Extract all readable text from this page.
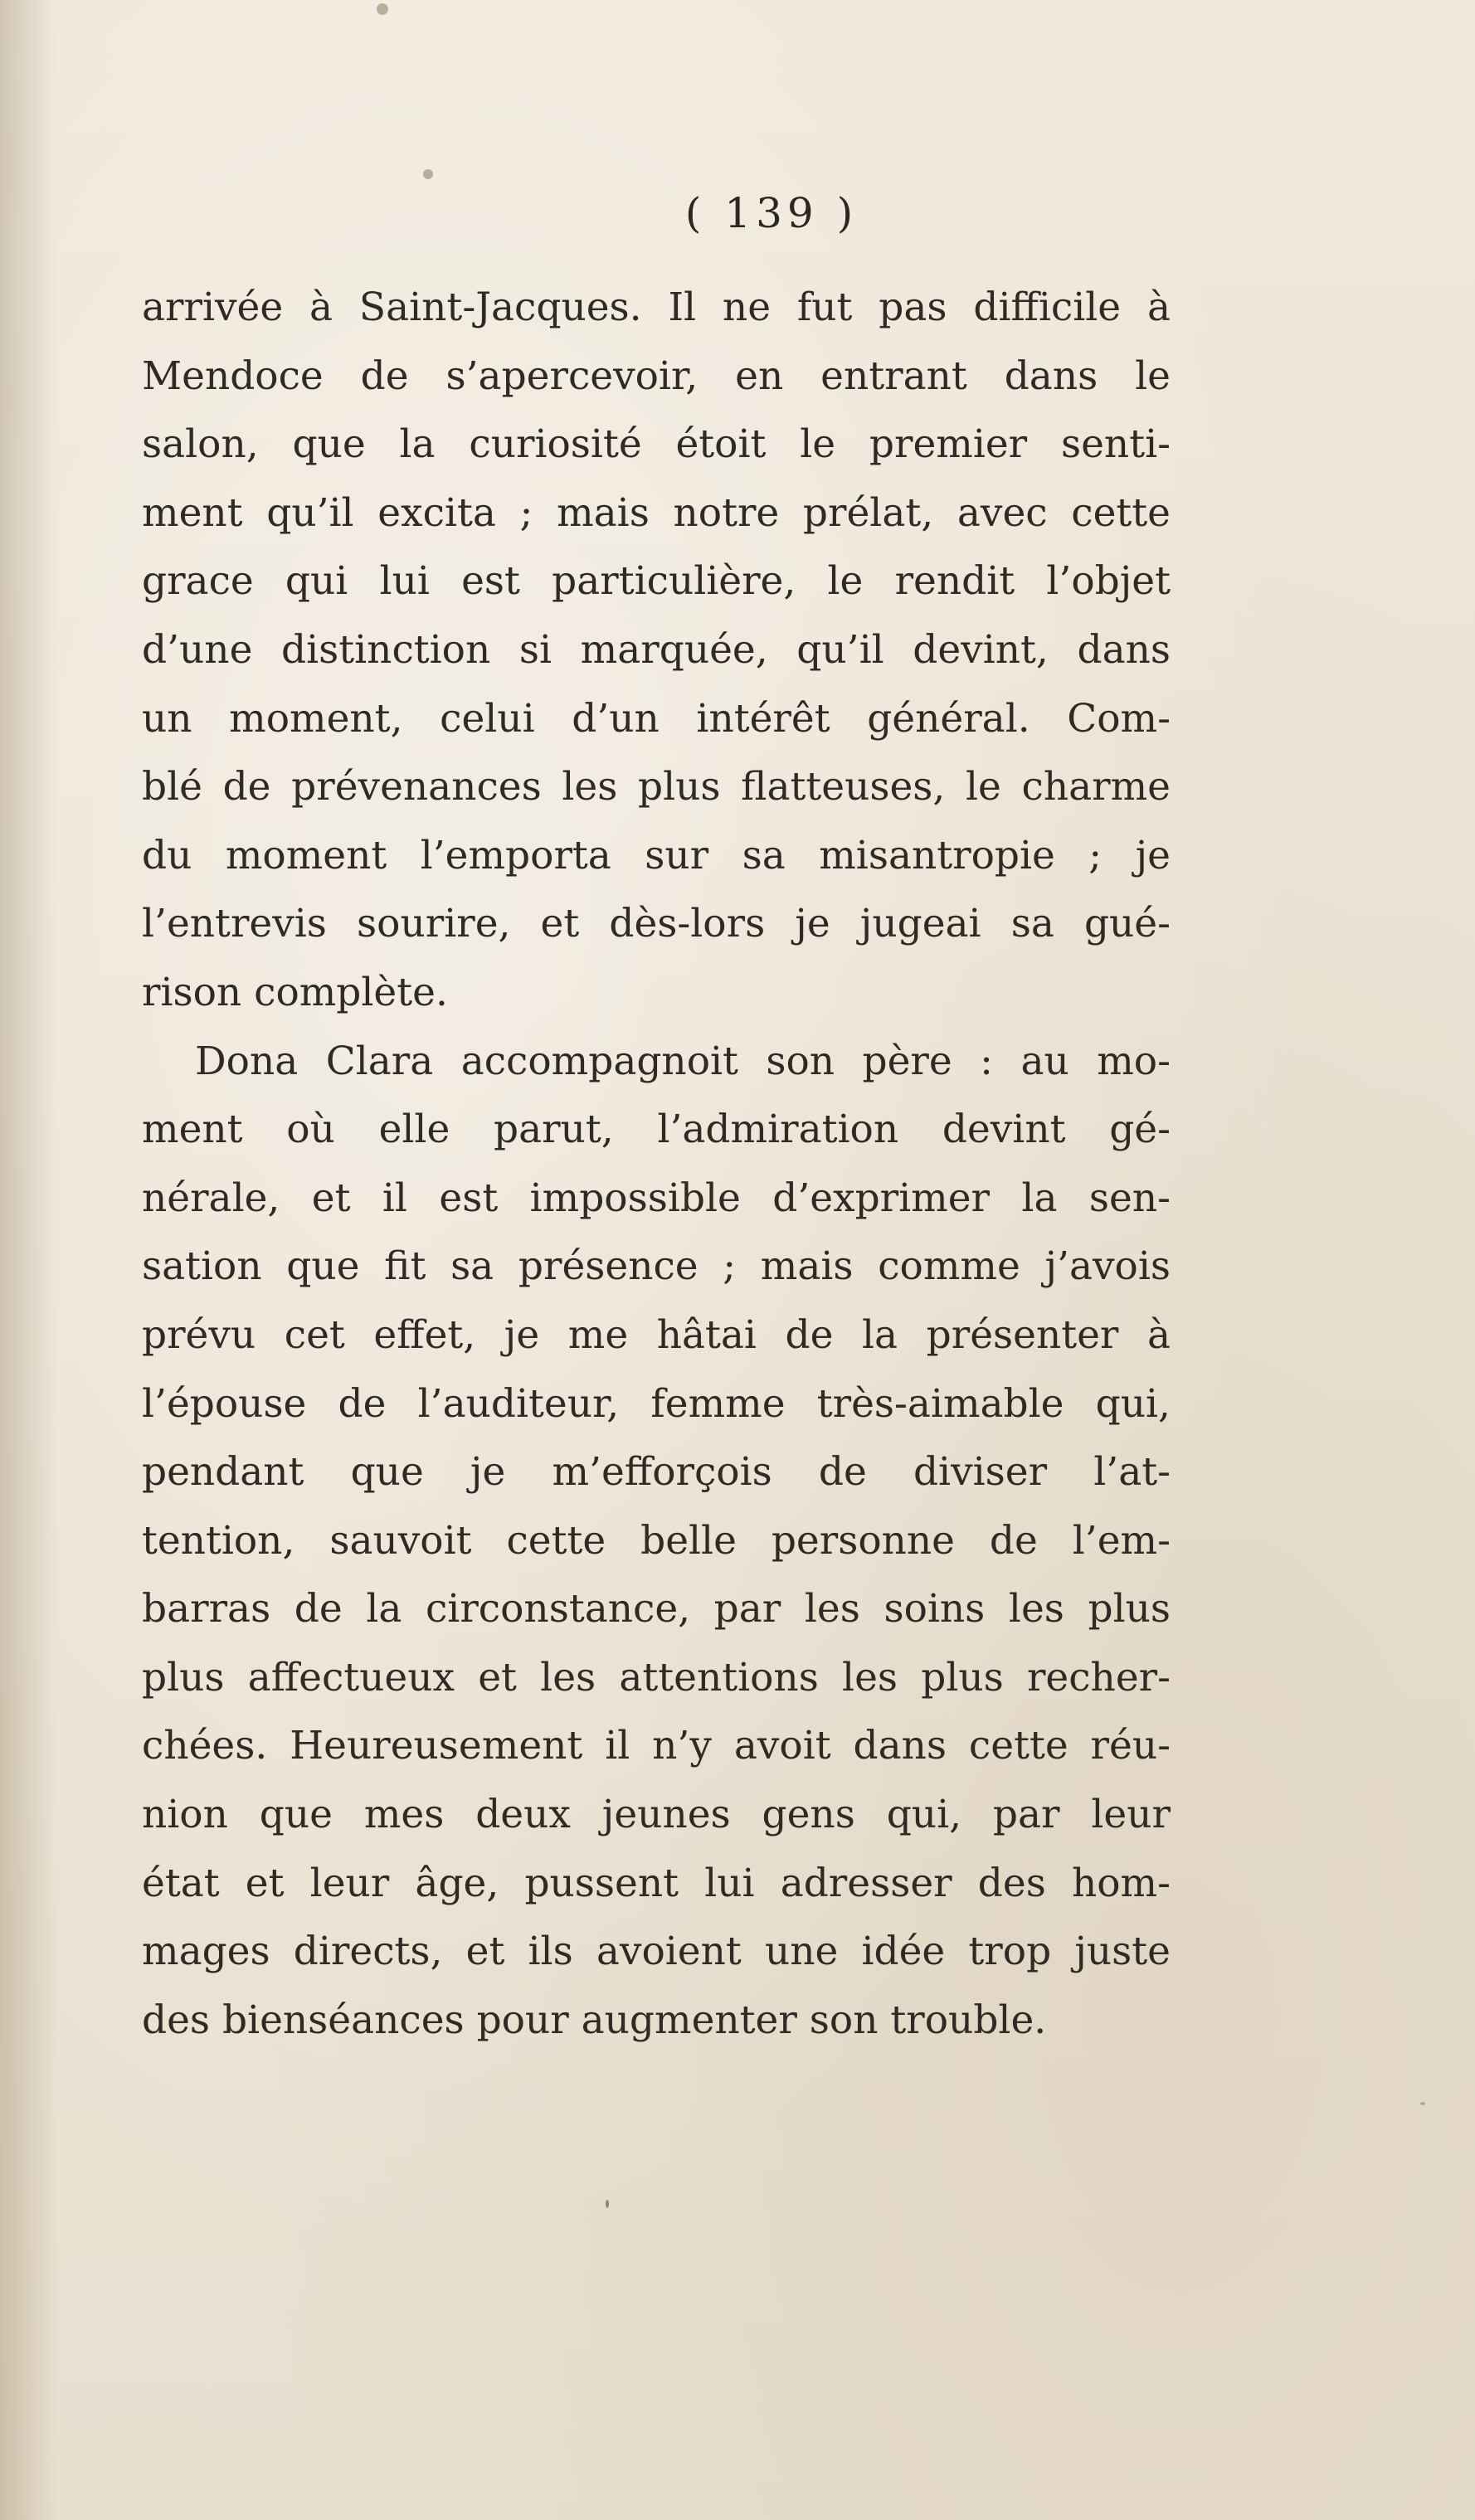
( 139 )
arrivée à Saint-Jacques. Il ne fut pas difficile à
Mendoce de s’apercevoir, en entrant dans le
salon, que la curiosité étoit le premier senti-
ment qu’il excita ; mais notre prélat, avec cette
grace qui lui est particulière, le rendit l’objet
d’une distinction si marquée, qu’il devint, dans
un moment, celui d’un intérêt général. Com-
blé de prévenances les plus flatteuses, le charme
du moment l’emporta sur sa misantropie ; je
l’entrevis sourire, et dès-lors je jugeai sa gué-
rison complète.
Dona Clara accompagnoit son père : au mo-
ment où elle parut, l’admiration devint gé-
nérale, et il est impossible d’exprimer la sen-
sation que fit sa présence ; mais comme j’avois
prévu cet effet, je me hâtai de la présenter à
l’épouse de l’auditeur, femme très-aimable qui,
pendant que je m’efforçois de diviser l’at-
tention, sauvoit cette belle personne de l’em-
barras de la circonstance, par les soins les plus
plus affectueux et les attentions les plus recher-
chées. Heureusement il n’y avoit dans cette réu-
nion que mes deux jeunes gens qui, par leur
état et leur âge, pussent lui adresser des hom-
mages directs, et ils avoient une idée trop juste
des bienséances pour augmenter son trouble.
